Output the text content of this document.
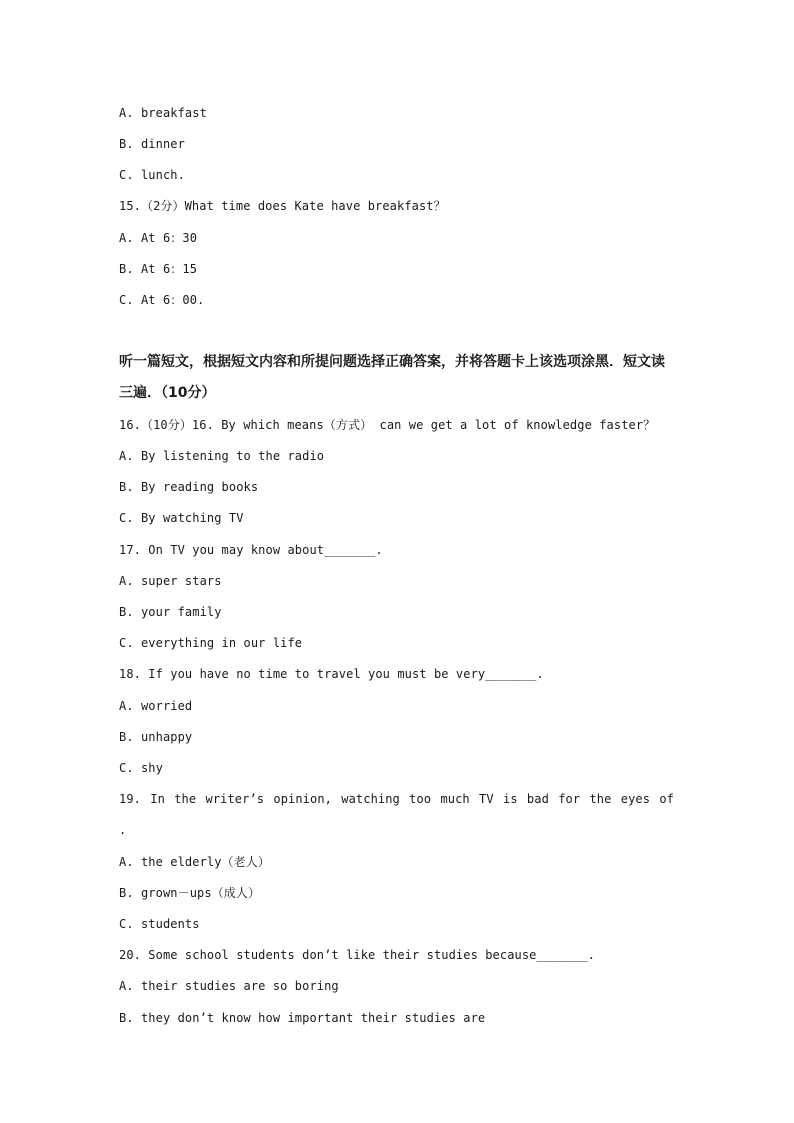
A. breakfast
B. dinner
C. lunch.
15.（2分）What time does Kate have breakfast？
A. At 6：30
B. At 6：15
C. At 6：00.
听一篇短文，根据短文内容和所提问题选择正确答案，并将答题卡上该选项涂黑．短文读
三遍．（10分）
16.（10分）16. By which means（方式） can we get a lot of knowledge faster？
A. By listening to the radio
B. By reading books
C. By watching TV
17. On TV you may know about_______.
A. super stars
B. your family
C. everything in our life
18. If you have no time to travel you must be very_______.
A. worried
B. unhappy
C. shy
19. In the writer’s opinion, watching too much TV is bad for the eyes of
.
A. the elderly（老人）
B. grown－ups（成人）
C. students
20. Some school students don’t like their studies because_______.
A. their studies are so boring
B. they don’t know how important their studies are
